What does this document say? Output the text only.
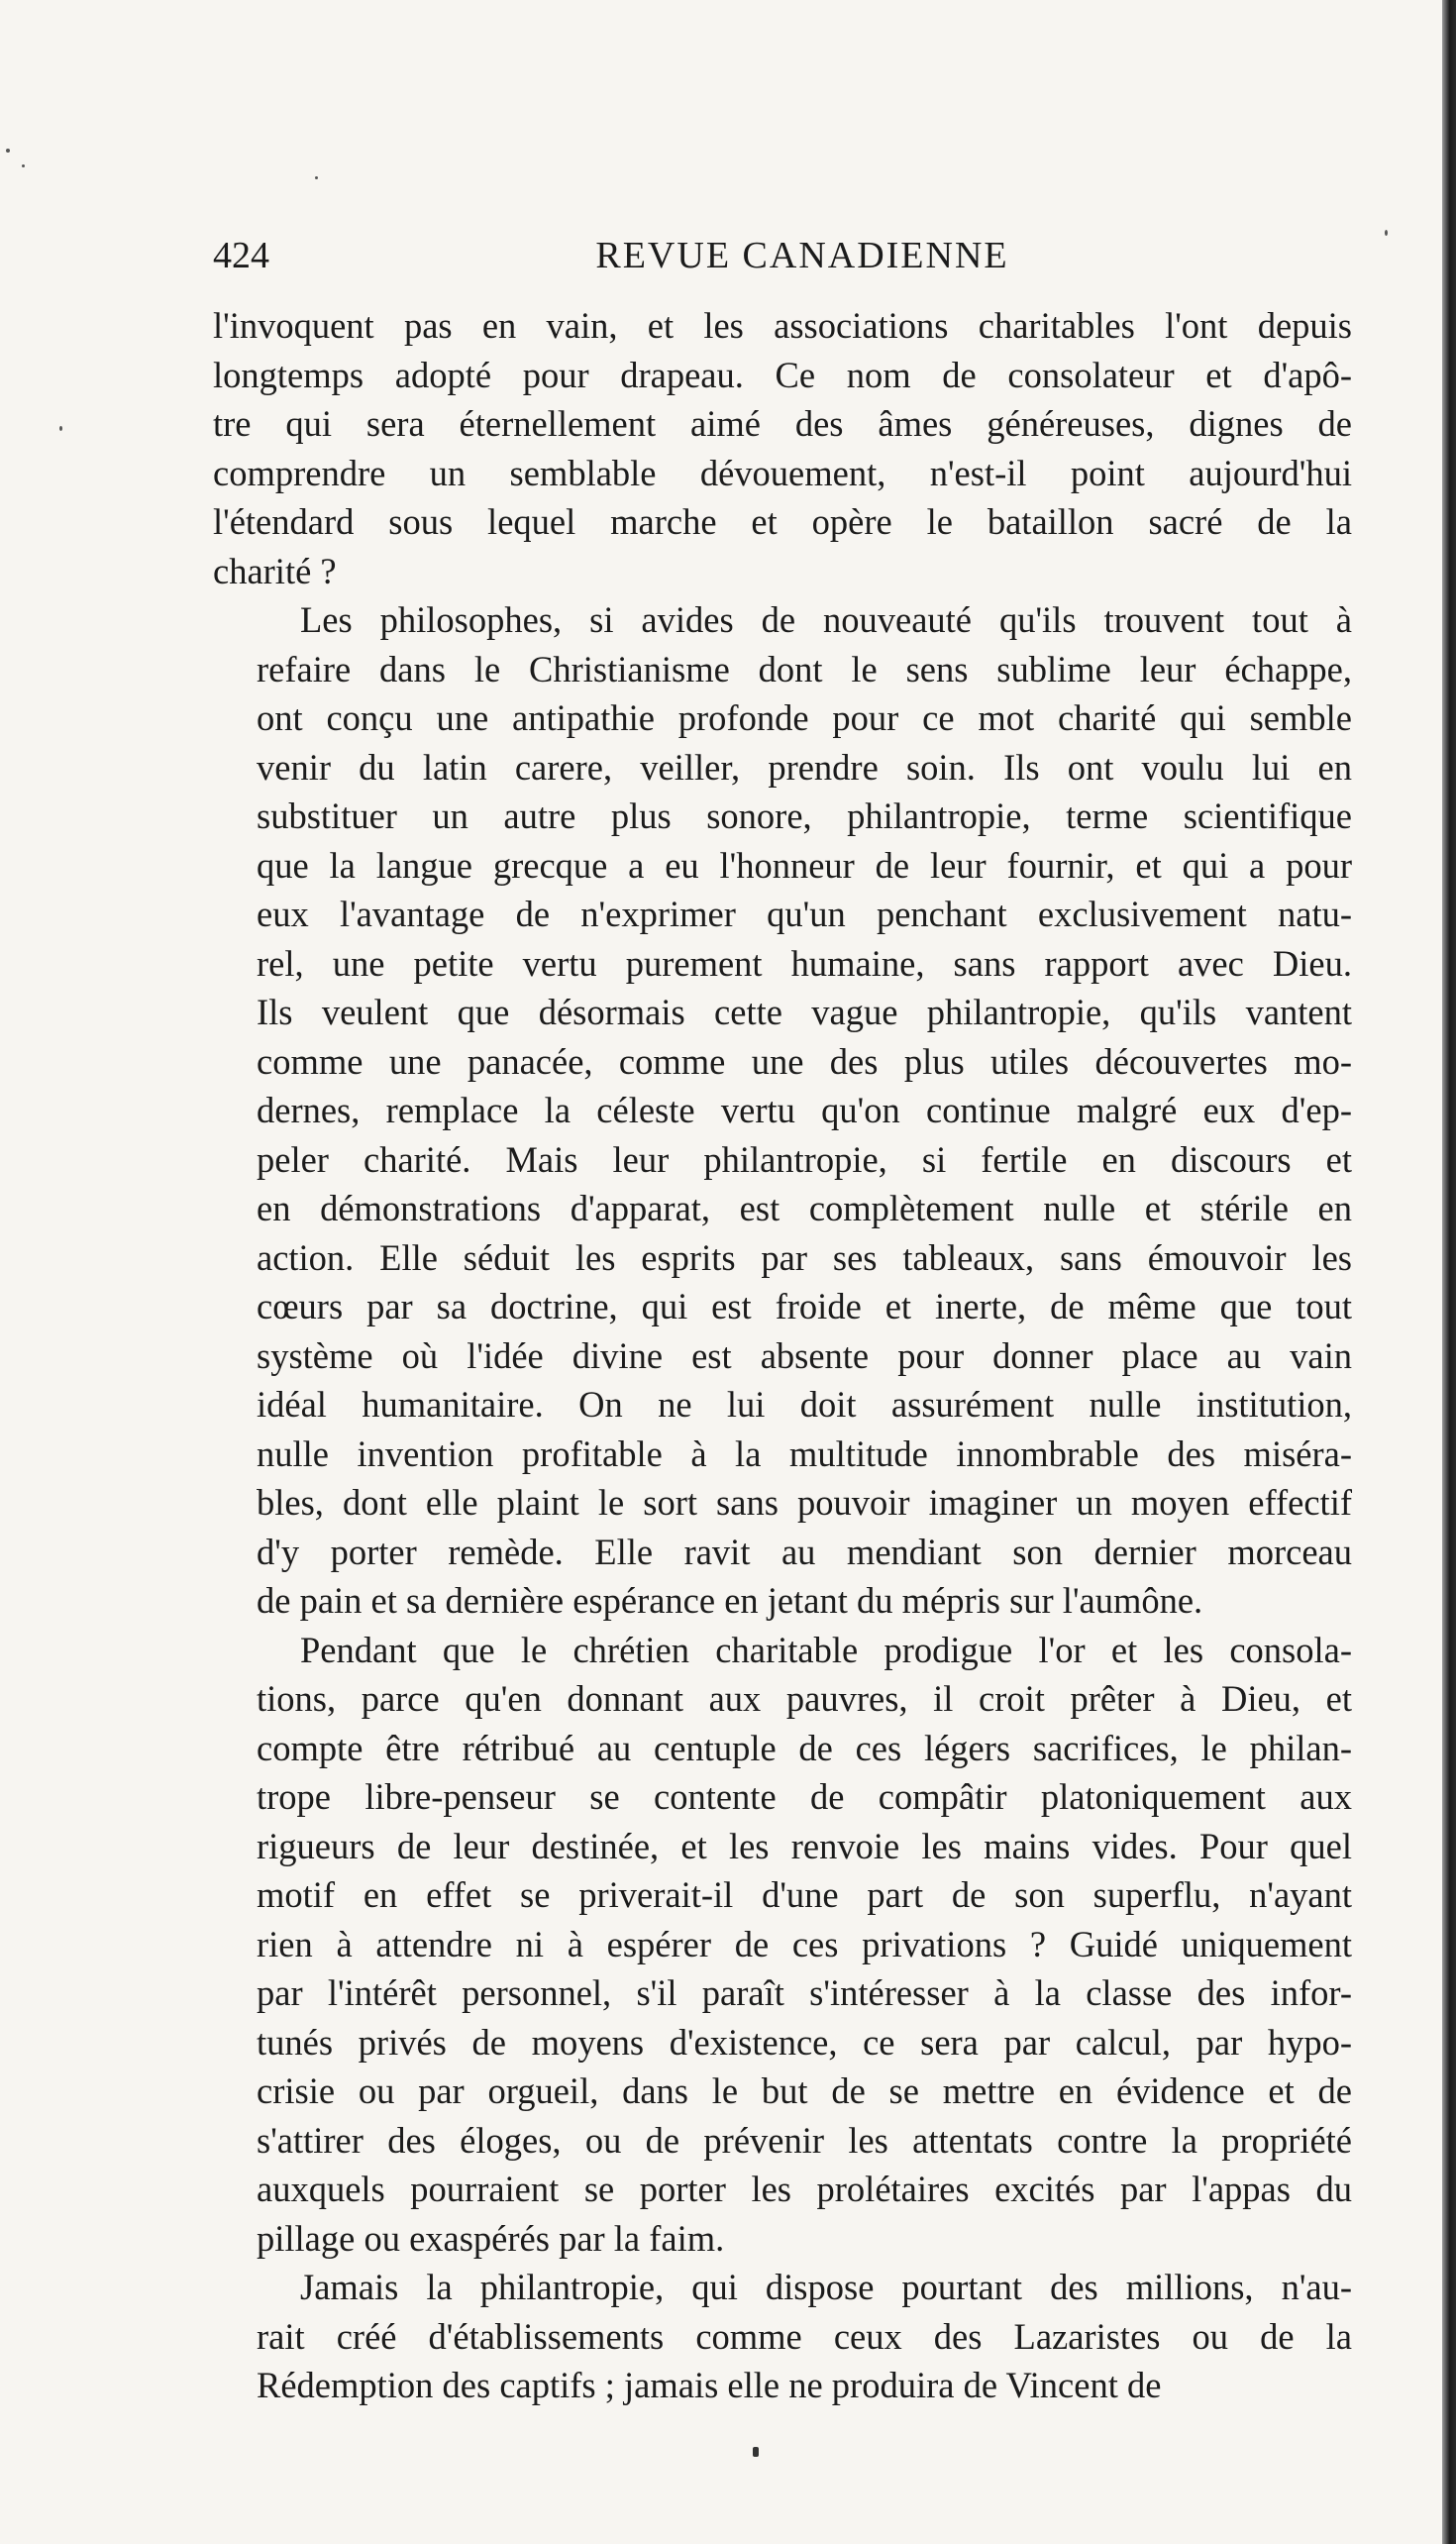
424	REVUE CANADIENNE

l'invoquent pas en vain, et les associations charitables l'ont depuis
longtemps adopté pour drapeau. Ce nom de consolateur et d'apô-
tre qui sera éternellement aimé des âmes généreuses, dignes de
comprendre un semblable dévouement, n'est-il point aujourd'hui
l'étendard sous lequel marche et opère le bataillon sacré de la
charité ?

Les philosophes, si avides de nouveauté qu'ils trouvent tout à
refaire dans le Christianisme dont le sens sublime leur échappe,
ont conçu une antipathie profonde pour ce mot charité qui semble
venir du latin carere, veiller, prendre soin. Ils ont voulu lui en
substituer un autre plus sonore, philantropie, terme scientifique
que la langue grecque a eu l'honneur de leur fournir, et qui a pour
eux l'avantage de n'exprimer qu'un penchant exclusivement natu-
rel, une petite vertu purement humaine, sans rapport avec Dieu.
Ils veulent que désormais cette vague philantropie, qu'ils vantent
comme une panacée, comme une des plus utiles découvertes mo-
dernes, remplace la céleste vertu qu'on continue malgré eux d'ep-
peler charité. Mais leur philantropie, si fertile en discours et
en démonstrations d'apparat, est complètement nulle et stérile en
action. Elle séduit les esprits par ses tableaux, sans émouvoir les
cœurs par sa doctrine, qui est froide et inerte, de même que tout
système où l'idée divine est absente pour donner place au vain
idéal humanitaire. On ne lui doit assurément nulle institution,
nulle invention profitable à la multitude innombrable des miséra-
bles, dont elle plaint le sort sans pouvoir imaginer un moyen effectif
d'y porter remède. Elle ravit au mendiant son dernier morceau
de pain et sa dernière espérance en jetant du mépris sur l'aumône.

Pendant que le chrétien charitable prodigue l'or et les consola-
tions, parce qu'en donnant aux pauvres, il croit prêter à Dieu, et
compte être rétribué au centuple de ces légers sacrifices, le philan-
trope libre-penseur se contente de compâtir platoniquement aux
rigueurs de leur destinée, et les renvoie les mains vides. Pour quel
motif en effet se priverait-il d'une part de son superflu, n'ayant
rien à attendre ni à espérer de ces privations ? Guidé uniquement
par l'intérêt personnel, s'il paraît s'intéresser à la classe des infor-
tunés privés de moyens d'existence, ce sera par calcul, par hypo-
crisie ou par orgueil, dans le but de se mettre en évidence et de
s'attirer des éloges, ou de prévenir les attentats contre la propriété
auxquels pourraient se porter les prolétaires excités par l'appas du
pillage ou exaspérés par la faim.

Jamais la philantropie, qui dispose pourtant des millions, n'au-
rait créé d'établissements comme ceux des Lazaristes ou de la
Rédemption des captifs ; jamais elle ne produira de Vincent de
